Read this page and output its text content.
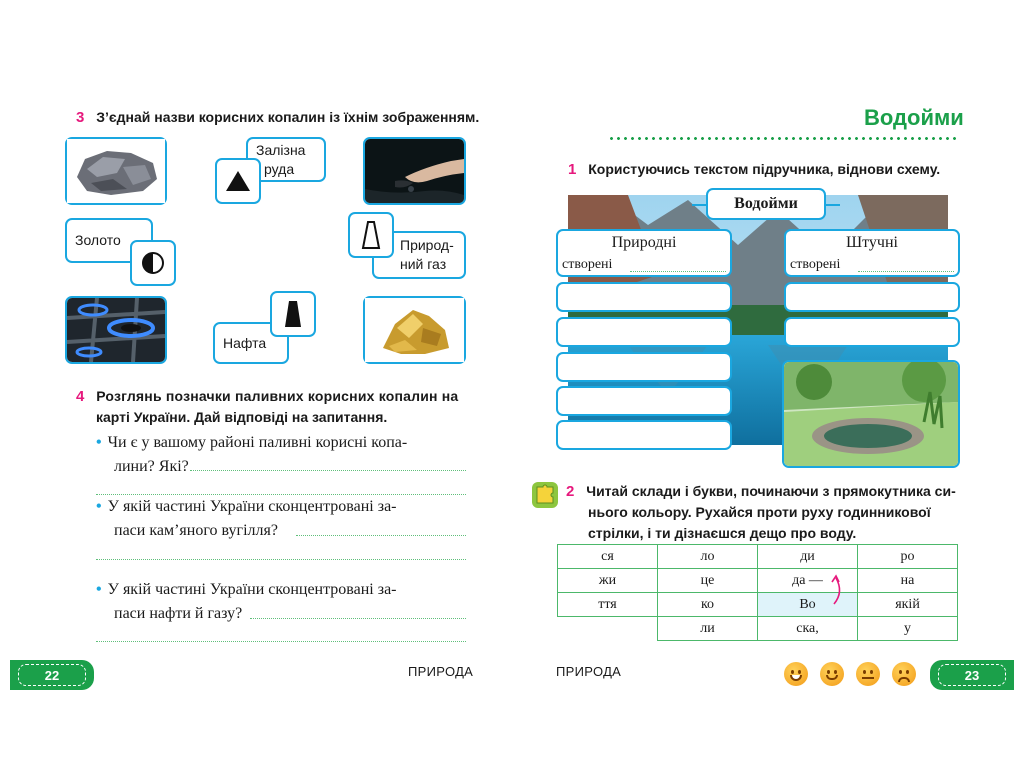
3 З’єднай назви корисних копалин із їхнім зображенням.
Залізна
руда
Золото	Природ-
ний газ
Нафта
4 Розглянь позначки паливних корисних копалин на
карті України. Дай відповіді на запитання.
• Чи є у вашому районі паливні корисні копа-
лини? Які?
• У якій частині України сконцентровані за-
паси кам’яного вугілля?
• У якій частині України сконцентровані за-
паси нафти й газу?
22	ПРИРОДА
Водойми
1 Користуючись текстом підручника, віднови схему.
Водойми
Природні
створені
Штучні
створені
2 Читай склади і букви, починаючи з прямокутника си-
нього кольору. Рухайся проти руху годинникової
стрілки, і ти дізнаєшся дещо про воду.
ся	ло	ди	ро
жи	це	да —	на
ття	ко	Во	якій
	ли	ска,	у
ПРИРОДА	23
